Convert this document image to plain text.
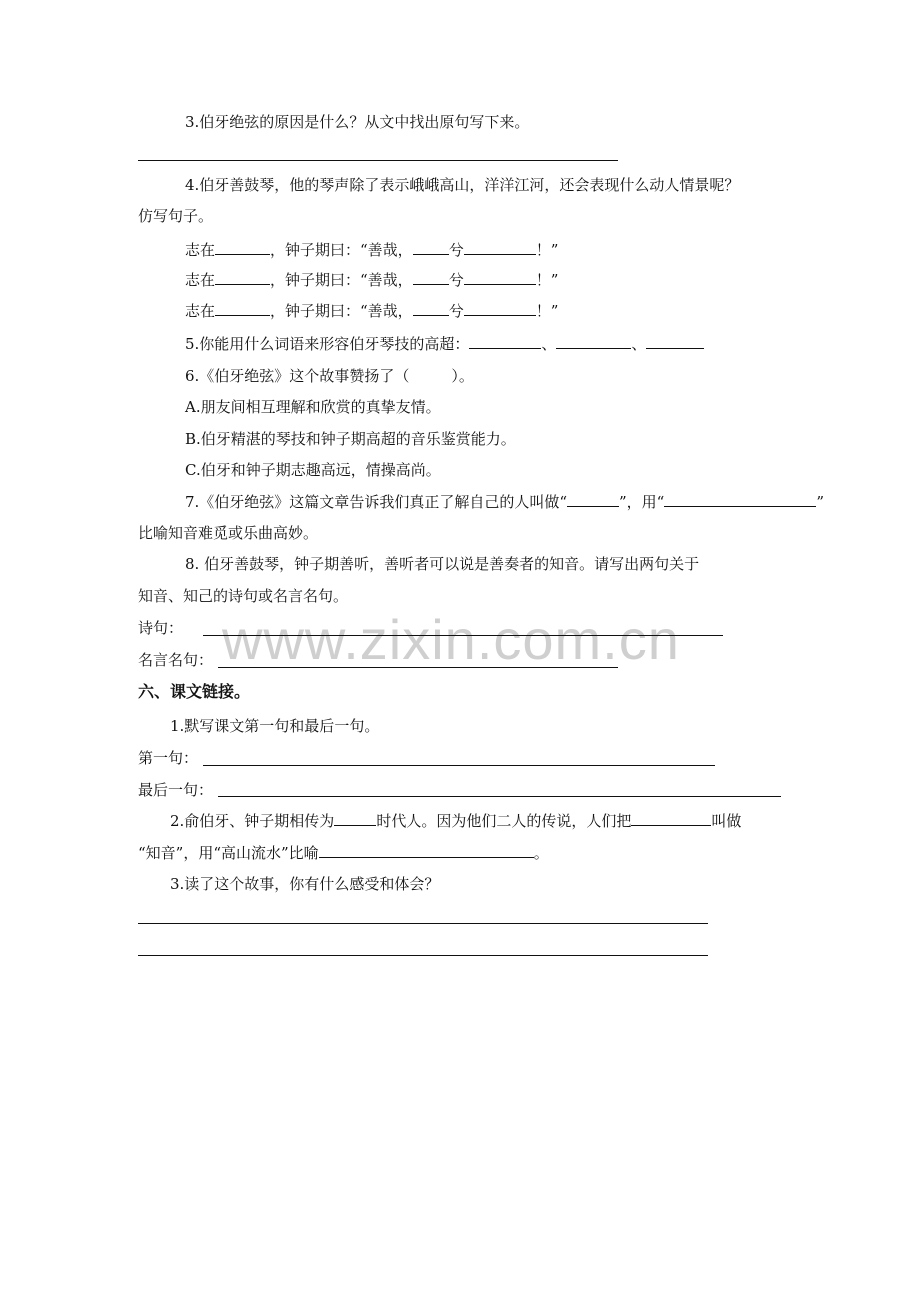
www.zixin.com.cn
3.伯牙绝弦的原因是什么？从文中找出原句写下来。
4.伯牙善鼓琴，他的琴声除了表示峨峨高山，洋洋江河，还会表现什么动人情景呢？
仿写句子。
志在	，钟子期曰：“善哉， 兮	！”
志在	，钟子期曰：“善哉， 兮	！”
志在	，钟子期曰：“善哉， 兮	！”
5.你能用什么词语来形容伯牙琴技的高超：	、	、
6.《伯牙绝弦》这个故事赞扬了（	）。
A.朋友间相互理解和欣赏的真挚友情。
B.伯牙精湛的琴技和钟子期高超的音乐鉴赏能力。
C.伯牙和钟子期志趣高远，情操高尚。
7.《伯牙绝弦》这篇文章告诉我们真正了解自己的人叫做“	”，用“	”
比喻知音难觅或乐曲高妙。
8. 伯牙善鼓琴，钟子期善听，善听者可以说是善奏者的知音。请写出两句关于
知音、知己的诗句或名言名句。
诗句：
名言名句：
六、课文链接。
1.默写课文第一句和最后一句。
第一句：
最后一句：
2.俞伯牙、钟子期相传为	时代人。因为他们二人的传说，人们把	叫做
“知音”，用“高山流水”比喻	。
3.读了这个故事，你有什么感受和体会？
